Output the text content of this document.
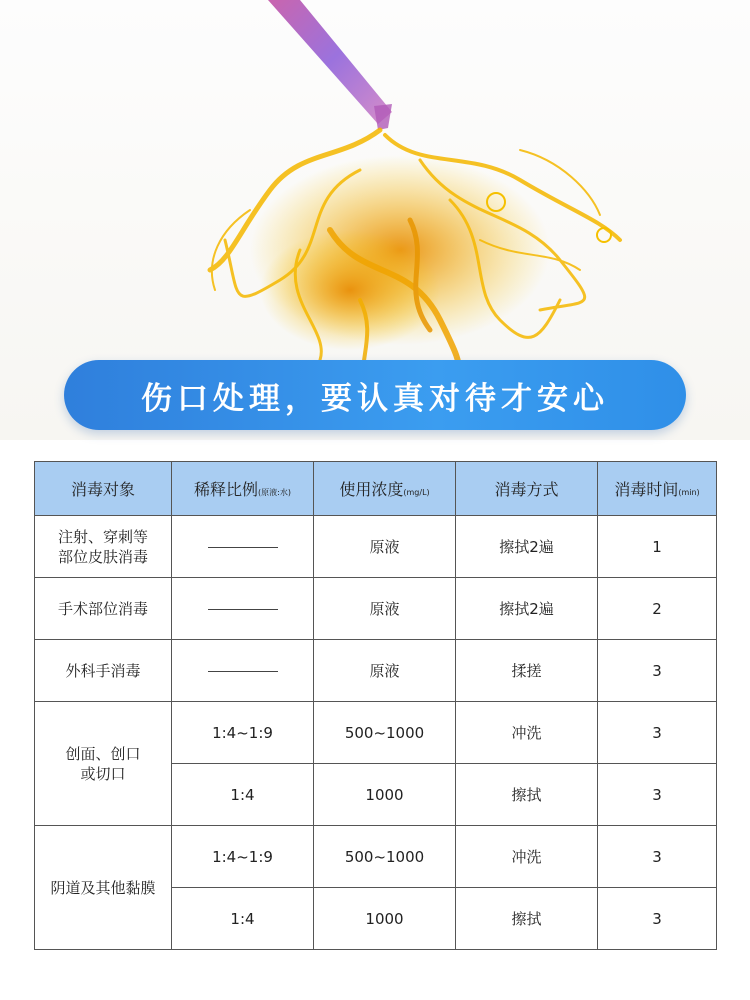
伤口处理，要认真对待才安心
消毒对象	稀释比例(原液:水)	使用浓度(mg/L)	消毒方式	消毒时间(min)

注射、穿刺等
部位皮肤消毒		原液	擦拭2遍	1
手术部位消毒		原液	擦拭2遍	2
外科手消毒		原液	揉搓	3

创面、创口
或切口	1:4~1:9	500~1000	冲洗	3
	1:4	1000	擦拭	3
阴道及其他黏膜	1:4~1:9	500~1000	冲洗	3
	1:4	1000	擦拭	3
